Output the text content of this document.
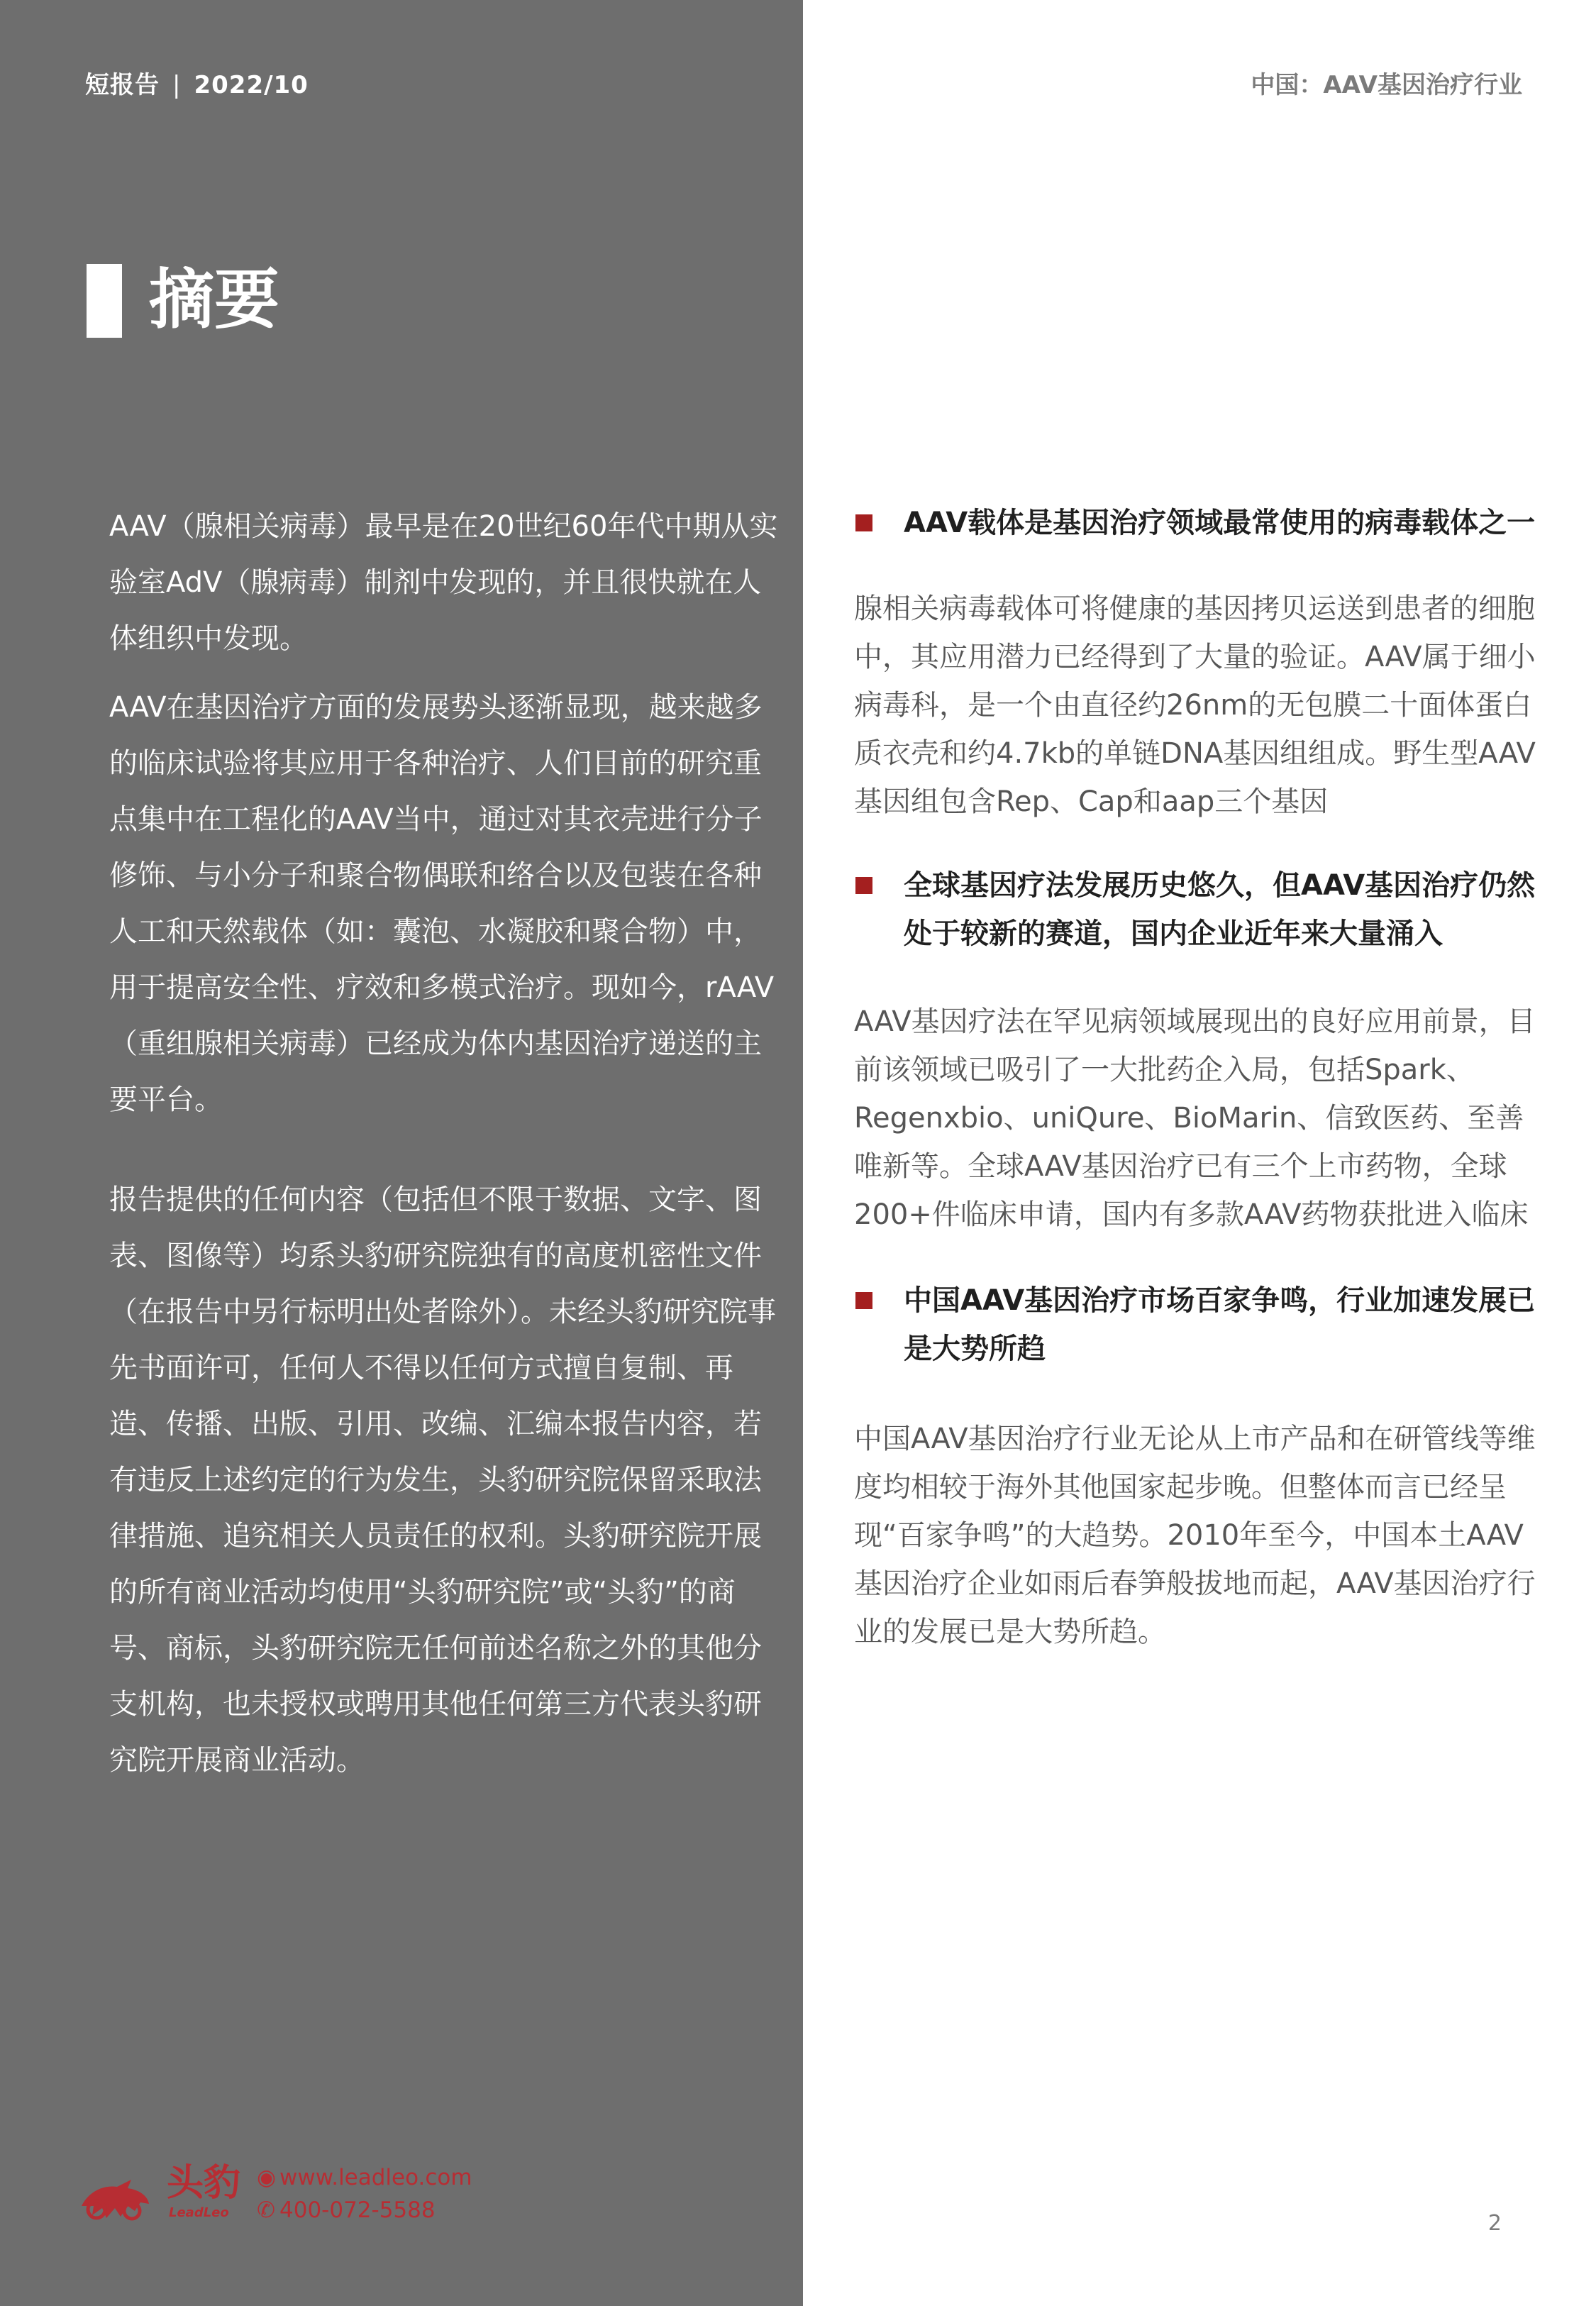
短报告 | 2022/10	中国：AAV基因治疗行业
摘要

AAV（腺相关病毒）最早是在20世纪60年代中期从实验室AdV（腺病毒）制剂中发现的，并且很快就在人体组织中发现。

AAV在基因治疗方面的发展势头逐渐显现，越来越多的临床试验将其应用于各种治疗、人们目前的研究重点集中在工程化的AAV当中，通过对其衣壳进行分子修饰、与小分子和聚合物偶联和络合以及包装在各种人工和天然载体（如：囊泡、水凝胶和聚合物）中，用于提高安全性、疗效和多模式治疗。现如今，rAAV（重组腺相关病毒）已经成为体内基因治疗递送的主要平台。

报告提供的任何内容（包括但不限于数据、文字、图表、图像等）均系头豹研究院独有的高度机密性文件（在报告中另行标明出处者除外）。未经头豹研究院事先书面许可，任何人不得以任何方式擅自复制、再造、传播、出版、引用、改编、汇编本报告内容，若有违反上述约定的行为发生，头豹研究院保留采取法律措施、追究相关人员责任的权利。头豹研究院开展的所有商业活动均使用“头豹研究院”或“头豹”的商号、商标，头豹研究院无任何前述名称之外的其他分支机构，也未授权或聘用其他任何第三方代表头豹研究院开展商业活动。

AAV载体是基因治疗领域最常使用的病毒载体之一

腺相关病毒载体可将健康的基因拷贝运送到患者的细胞中，其应用潜力已经得到了大量的验证。AAV属于细小病毒科，是一个由直径约26nm的无包膜二十面体蛋白质衣壳和约4.7kb的单链DNA基因组组成。野生型AAV基因组包含Rep、Cap和aap三个基因

全球基因疗法发展历史悠久，但AAV基因治疗仍然处于较新的赛道，国内企业近年来大量涌入

AAV基因疗法在罕见病领域展现出的良好应用前景，目前该领域已吸引了一大批药企入局，包括Spark、Regenxbio、uniQure、BioMarin、信致医药、至善唯新等。全球AAV基因治疗已有三个上市药物，全球200+件临床申请，国内有多款AAV药物获批进入临床

中国AAV基因治疗市场百家争鸣，行业加速发展已是大势所趋

中国AAV基因治疗行业无论从上市产品和在研管线等维度均相较于海外其他国家起步晚。但整体而言已经呈现“百家争鸣”的大趋势。2010年至今，中国本土AAV基因治疗企业如雨后春笋般拔地而起，AAV基因治疗行业的发展已是大势所趋。

头豹
LeadLeo
◉ www.leadleo.com
✆ 400-072-5588
2
